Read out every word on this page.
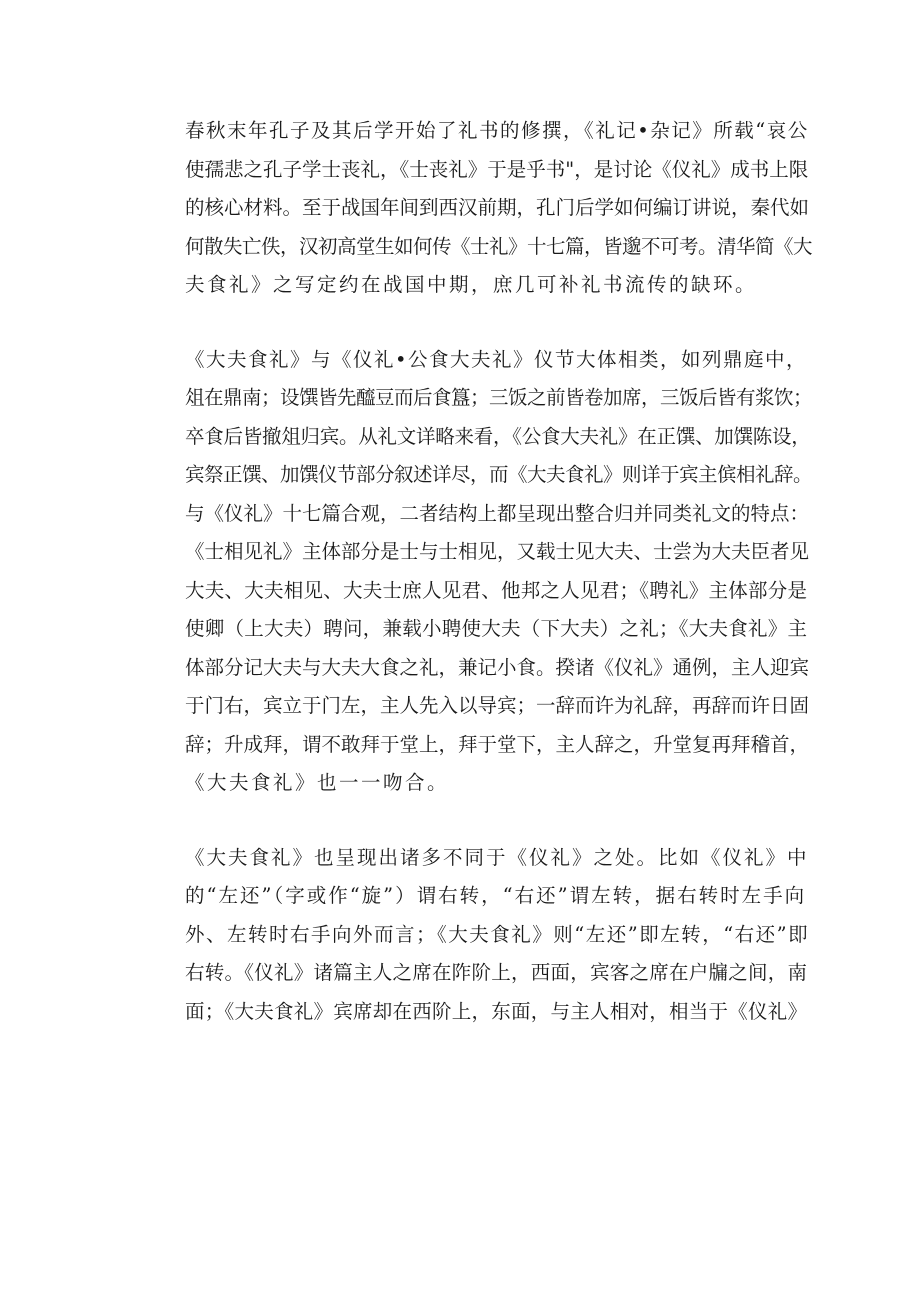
春秋末年孔子及其后学开始了礼书的修撰，《礼记•杂记》所载“哀公
使孺悲之孔子学士丧礼，《士丧礼》于是乎书"，是讨论《仪礼》成书上限
的核心材料。至于战国年间到西汉前期，孔门后学如何编订讲说，秦代如
何散失亡佚，汉初高堂生如何传《士礼》十七篇，皆邈不可考。清华简《大
夫食礼》之写定约在战国中期，庶几可补礼书流传的缺环。

《大夫食礼》与《仪礼•公食大夫礼》仪节大体相类，如列鼎庭中，
俎在鼎南；设馔皆先醯豆而后食簋；三饭之前皆卷加席，三饭后皆有浆饮；
卒食后皆撤俎归宾。从礼文详略来看，《公食大夫礼》在正馔、加馔陈设，
宾祭正馔、加馔仪节部分叙述详尽，而《大夫食礼》则详于宾主傧相礼辞。
与《仪礼》十七篇合观，二者结构上都呈现出整合归并同类礼文的特点：
《士相见礼》主体部分是士与士相见，又载士见大夫、士尝为大夫臣者见
大夫、大夫相见、大夫士庶人见君、他邦之人见君；《聘礼》主体部分是
使卿（上大夫）聘问，兼载小聘使大夫（下大夫）之礼；《大夫食礼》主
体部分记大夫与大夫大食之礼，兼记小食。揆诸《仪礼》通例，主人迎宾
于门右，宾立于门左，主人先入以导宾；一辞而许为礼辞，再辞而许日固
辞；升成拜，谓不敢拜于堂上，拜于堂下，主人辞之，升堂复再拜稽首，
《大夫食礼》也一一吻合。

《大夫食礼》也呈现出诸多不同于《仪礼》之处。比如《仪礼》中
的“左还”（字或作“旋”）谓右转，“右还”谓左转，据右转时左手向
外、左转时右手向外而言；《大夫食礼》则“左还”即左转，“右还”即
右转。《仪礼》诸篇主人之席在阼阶上，西面，宾客之席在户牖之间，南
面；《大夫食礼》宾席却在西阶上，东面，与主人相对，相当于《仪礼》
